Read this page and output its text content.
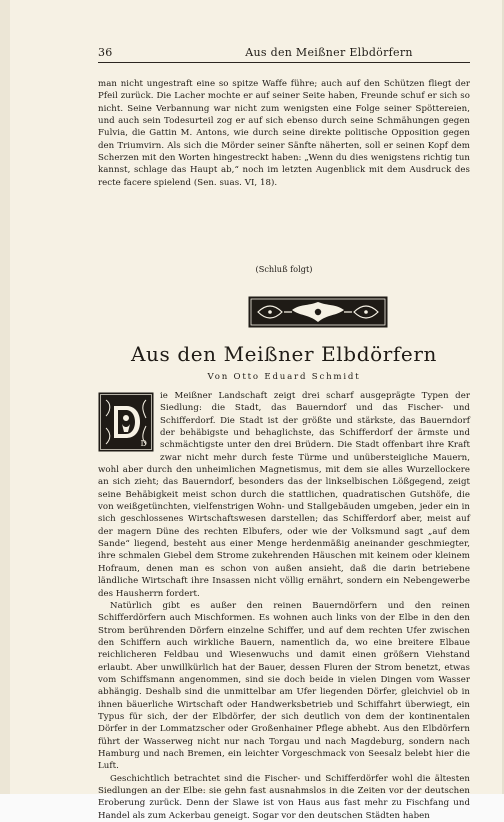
36	Aus den Meißner Elbdörfern

man nicht ungestraft eine so spitze Waffe führe; auch auf den Schützen fliegt der Pfeil zurück. Die Lacher mochte er auf seiner Seite haben, Freunde schuf er sich so nicht. Seine Verbannung war nicht zum wenigsten eine Folge seiner Spöttereien, und auch sein Todesurteil zog er auf sich ebenso durch seine Schmähungen gegen Fulvia, die Gattin M. Antons, wie durch seine direkte politische Opposition gegen den Triumvirn. Als sich die Mörder seiner Sänfte näherten, soll er seinen Kopf dem Scherzen mit den Worten hingestreckt haben: „Wenn du dies wenigstens richtig tun kannst, schlage das Haupt ab,“ noch im letzten Augenblick mit dem Ausdruck des recte facere spielend (Sen. suas. VI, 18).

(Schluß folgt)
Aus den Meißner Elbdörfern
Von Otto Eduard Schmidt
D

ie Meißner Landschaft zeigt drei scharf ausgeprägte Typen der Siedlung: die Stadt, das Bauerndorf und das Fischer- und Schifferdorf. Die Stadt ist der größte und stärkste, das Bauerndorf der behäbigste und behaglichste, das Schifferdorf der ärmste und schmächtigste unter den drei Brüdern. Die Stadt offenbart ihre Kraft zwar nicht mehr durch feste Türme und unübersteigliche Mauern, wohl aber durch den unheimlichen Magnetismus, mit dem sie alles Wurzellockere an sich zieht; das Bauerndorf, besonders das der linkselbischen Lößgegend, zeigt seine Behäbigkeit meist schon durch die stattlichen, quadratischen Gutshöfe, die von weißgetünchten, vielfenstrigen Wohn- und Stallgebäuden umgeben, jeder ein in sich geschlossenes Wirtschaftswesen darstellen; das Schifferdorf aber, meist auf der magern Düne des rechten Elbufers, oder wie der Volksmund sagt „auf dem Sande“ liegend, besteht aus einer Menge herdenmäßig aneinander geschmiegter, ihre schmalen Giebel dem Strome zukehrenden Häuschen mit keinem oder kleinem Hofraum, denen man es schon von außen ansieht, daß die darin betriebene ländliche Wirtschaft ihre Insassen nicht völlig ernährt, sondern ein Nebengewerbe des Hausherrn fordert.

Natürlich gibt es außer den reinen Bauerndörfern und den reinen Schifferdörfern auch Mischformen. Es wohnen auch links von der Elbe in den den Strom berührenden Dörfern einzelne Schiffer, und auf dem rechten Ufer zwischen den Schiffern auch wirkliche Bauern, namentlich da, wo eine breitere Elbaue reichlicheren Feldbau und Wiesenwuchs und damit einen größern Viehstand erlaubt. Aber unwillkürlich hat der Bauer, dessen Fluren der Strom benetzt, etwas vom Schiffsmann angenommen, sind sie doch beide in vielen Dingen vom Wasser abhängig. Deshalb sind die unmittelbar am Ufer liegenden Dörfer, gleichviel ob in ihnen bäuerliche Wirtschaft oder Handwerksbetrieb und Schiffahrt überwiegt, ein Typus für sich, der der Elbdörfer, der sich deutlich von dem der kontinentalen Dörfer in der Lommatzscher oder Großenhainer Pflege abhebt. Aus den Elbdörfern führt der Wasserweg nicht nur nach Torgau und nach Magdeburg, sondern nach Hamburg und nach Bremen, ein leichter Vorgeschmack von Seesalz belebt hier die Luft.

Geschichtlich betrachtet sind die Fischer- und Schifferdörfer wohl die ältesten Siedlungen an der Elbe: sie gehn fast ausnahmslos in die Zeiten vor der deutschen Eroberung zurück. Denn der Slawe ist von Haus aus fast mehr zu Fischfang und Handel als zum Ackerbau geneigt. Sogar vor den deutschen Städten haben
